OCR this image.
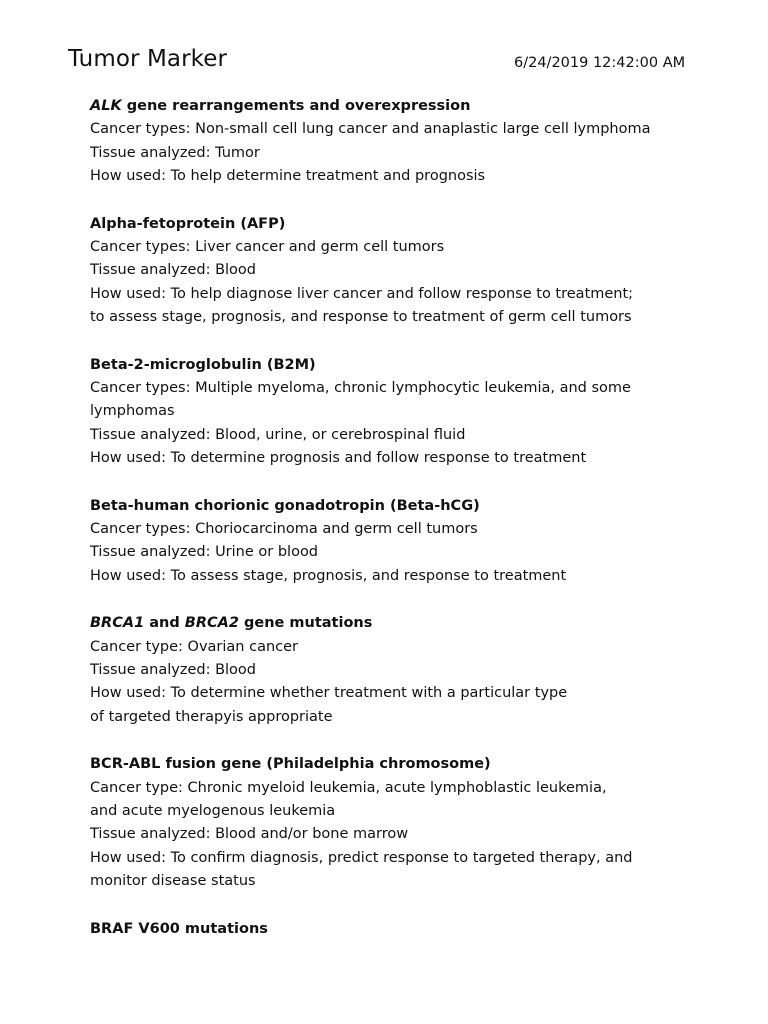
Tumor Marker	6/24/2019 12:42:00 AM
ALK gene rearrangements and overexpression
Cancer types: Non-small cell lung cancer and anaplastic large cell lymphoma
Tissue analyzed: Tumor
How used: To help determine treatment and prognosis
Alpha-fetoprotein (AFP)
Cancer types: Liver cancer and germ cell tumors
Tissue analyzed: Blood
How used: To help diagnose liver cancer and follow response to treatment;
to assess stage, prognosis, and response to treatment of germ cell tumors
Beta-2-microglobulin (B2M)
Cancer types: Multiple myeloma, chronic lymphocytic leukemia, and some
lymphomas
Tissue analyzed: Blood, urine, or cerebrospinal fluid
How used: To determine prognosis and follow response to treatment
Beta-human chorionic gonadotropin (Beta-hCG)
Cancer types: Choriocarcinoma and germ cell tumors
Tissue analyzed: Urine or blood
How used: To assess stage, prognosis, and response to treatment
BRCA1 and BRCA2 gene mutations
Cancer type: Ovarian cancer
Tissue analyzed: Blood
How used: To determine whether treatment with a particular type
of targeted therapyis appropriate
BCR-ABL fusion gene (Philadelphia chromosome)
Cancer type: Chronic myeloid leukemia, acute lymphoblastic leukemia,
and acute myelogenous leukemia
Tissue analyzed: Blood and/or bone marrow
How used: To confirm diagnosis, predict response to targeted therapy, and
monitor disease status
BRAF V600 mutations
